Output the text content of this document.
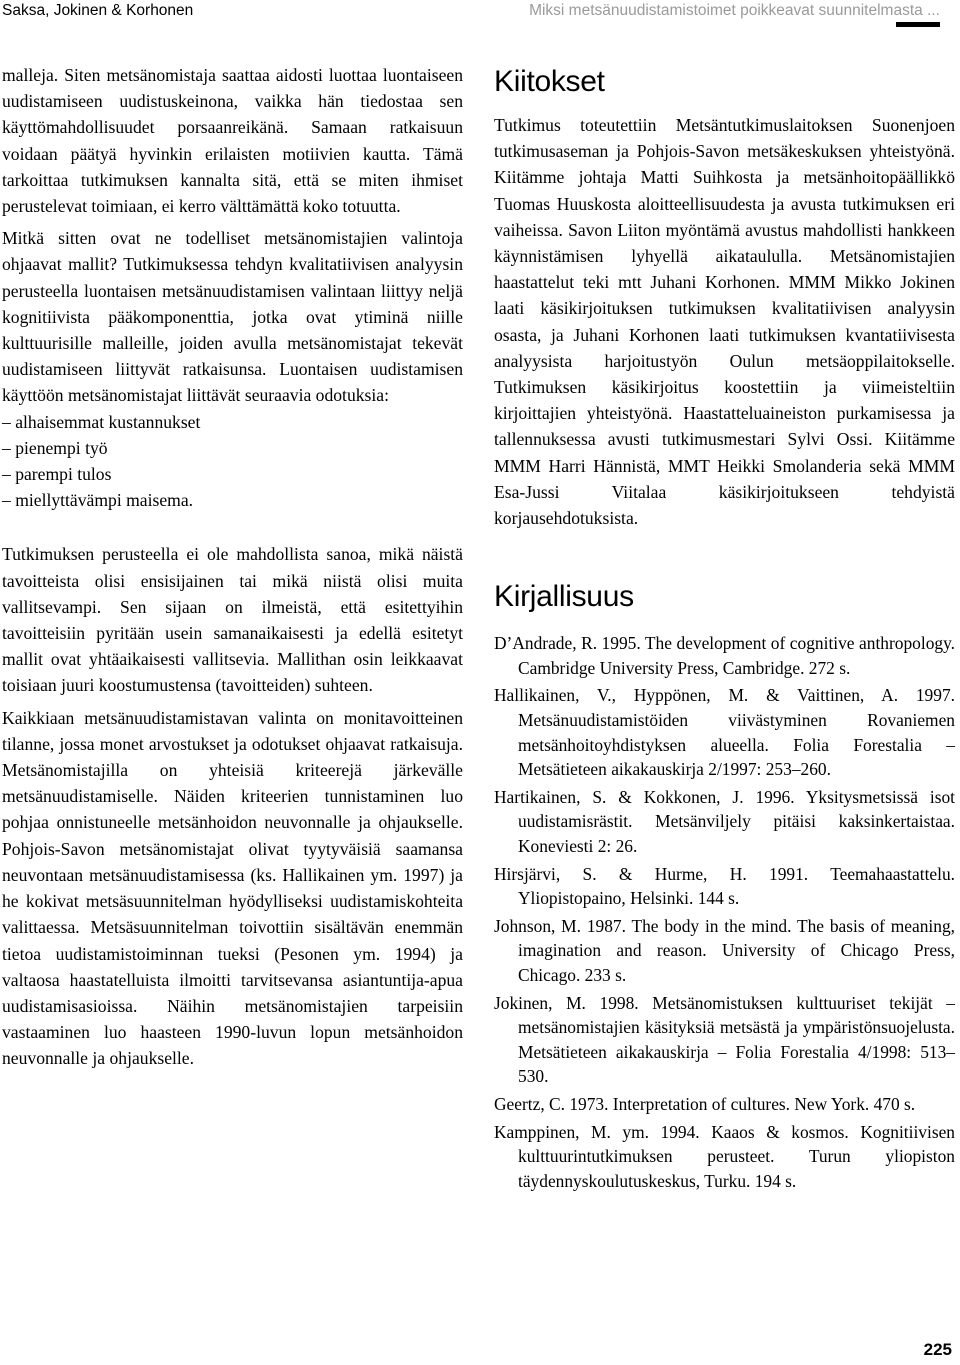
Saksa, Jokinen & Korhonen	Miksi metsänuudistamistoimet poikkeavat suunnitelmasta ...

malleja. Siten metsänomistaja saattaa aidosti luottaa luontaiseen uudistamiseen uudistuskeinona, vaikka hän tiedostaa sen käyttömahdollisuudet porsaanreikänä. Samaan ratkaisuun voidaan päätyä hyvinkin erilaisten motiivien kautta. Tämä tarkoittaa tutkimuksen kannalta sitä, että se miten ihmiset perustelevat toimiaan, ei kerro välttämättä koko totuutta.

Mitkä sitten ovat ne todelliset metsänomistajien valintoja ohjaavat mallit? Tutkimuksessa tehdyn kvalitatiivisen analyysin perusteella luontaisen metsänuudistamisen valintaan liittyy neljä kognitiivista pääkomponenttia, jotka ovat ytiminä niille kulttuurisille malleille, joiden avulla metsänomistajat tekevät uudistamiseen liittyvät ratkaisunsa. Luontaisen uudistamisen käyttöön metsänomistajat liittävät seuraavia odotuksia:

– alhaisemmat kustannukset
– pienempi työ
– parempi tulos
– miellyttävämpi maisema.

Tutkimuksen perusteella ei ole mahdollista sanoa, mikä näistä tavoitteista olisi ensisijainen tai mikä niistä olisi muita vallitsevampi. Sen sijaan on ilmeistä, että esitettyihin tavoitteisiin pyritään usein samanaikaisesti ja edellä esitetyt mallit ovat yhtäaikaisesti vallitsevia. Mallithan osin leikkaavat toisiaan juuri koostumustensa (tavoitteiden) suhteen.

Kaikkiaan metsänuudistamistavan valinta on monitavoitteinen tilanne, jossa monet arvostukset ja odotukset ohjaavat ratkaisuja. Metsänomistajilla on yhteisiä kriteerejä järkevälle metsänuudistamiselle. Näiden kriteerien tunnistaminen luo pohjaa onnistuneelle metsänhoidon neuvonnalle ja ohjaukselle. Pohjois-Savon metsänomistajat olivat tyytyväisiä saamansa neuvontaan metsänuudistamisessa (ks. Hallikainen ym. 1997) ja he kokivat metsäsuunnitelman hyödylliseksi uudistamiskohteita valittaessa. Metsäsuunnitelman toivottiin sisältävän enemmän tietoa uudistamistoiminnan tueksi (Pesonen ym. 1994) ja valtaosa haastatelluista ilmoitti tarvitsevansa asiantuntija-apua uudistamisasioissa. Näihin metsänomistajien tarpeisiin vastaaminen luo haasteen 1990-luvun lopun metsänhoidon neuvonnalle ja ohjaukselle.

Kiitokset

Tutkimus toteutettiin Metsäntutkimuslaitoksen Suonenjoen tutkimusaseman ja Pohjois-Savon metsäkeskuksen yhteistyönä. Kiitämme johtaja Matti Suihkosta ja metsänhoitopäällikkö Tuomas Huuskosta aloitteellisuudesta ja avusta tutkimuksen eri vaiheissa. Savon Liiton myöntämä avustus mahdollisti hankkeen käynnistämisen lyhyellä aikataululla. Metsänomistajien haastattelut teki mtt Juhani Korhonen. MMM Mikko Jokinen laati käsikirjoituksen tutkimuksen kvalitatiivisen analyysin osasta, ja Juhani Korhonen laati tutkimuksen kvantatiivisesta analyysista harjoitustyön Oulun metsäoppilaitokselle. Tutkimuksen käsikirjoitus koostettiin ja viimeisteltiin kirjoittajien yhteistyönä. Haastatteluaineiston purkamisessa ja tallennuksessa avusti tutkimusmestari Sylvi Ossi. Kiitämme MMM Harri Hännistä, MMT Heikki Smolanderia sekä MMM Esa-Jussi Viitalaa käsikirjoitukseen tehdyistä korjausehdotuksista.

Kirjallisuus
D’Andrade, R. 1995. The development of cognitive anthropology. Cambridge University Press, Cambridge. 272 s.
Hallikainen, V., Hyppönen, M. & Vaittinen, A. 1997. Metsänuudistamistöiden viivästyminen Rovaniemen metsänhoitoyhdistyksen alueella. Folia Forestalia – Metsätieteen aikakauskirja 2/1997: 253–260.
Hartikainen, S. & Kokkonen, J. 1996. Yksitysmetsissä isot uudistamisrästit. Metsänviljely pitäisi kaksinkertaistaa. Koneviesti 2: 26.
Hirsjärvi, S. & Hurme, H. 1991. Teemahaastattelu. Yliopistopaino, Helsinki. 144 s.
Johnson, M. 1987. The body in the mind. The basis of meaning, imagination and reason. University of Chicago Press, Chicago. 233 s.
Jokinen, M. 1998. Metsänomistuksen kulttuuriset tekijät – metsänomistajien käsityksiä metsästä ja ympäristönsuojelusta. Metsätieteen aikakauskirja – Folia Forestalia 4/1998: 513–530.
Geertz, C. 1973. Interpretation of cultures. New York. 470 s.
Kamppinen, M. ym. 1994. Kaaos & kosmos. Kognitiivisen kulttuurintutkimuksen perusteet. Turun yliopiston täydennyskoulutuskeskus, Turku. 194 s.
225
